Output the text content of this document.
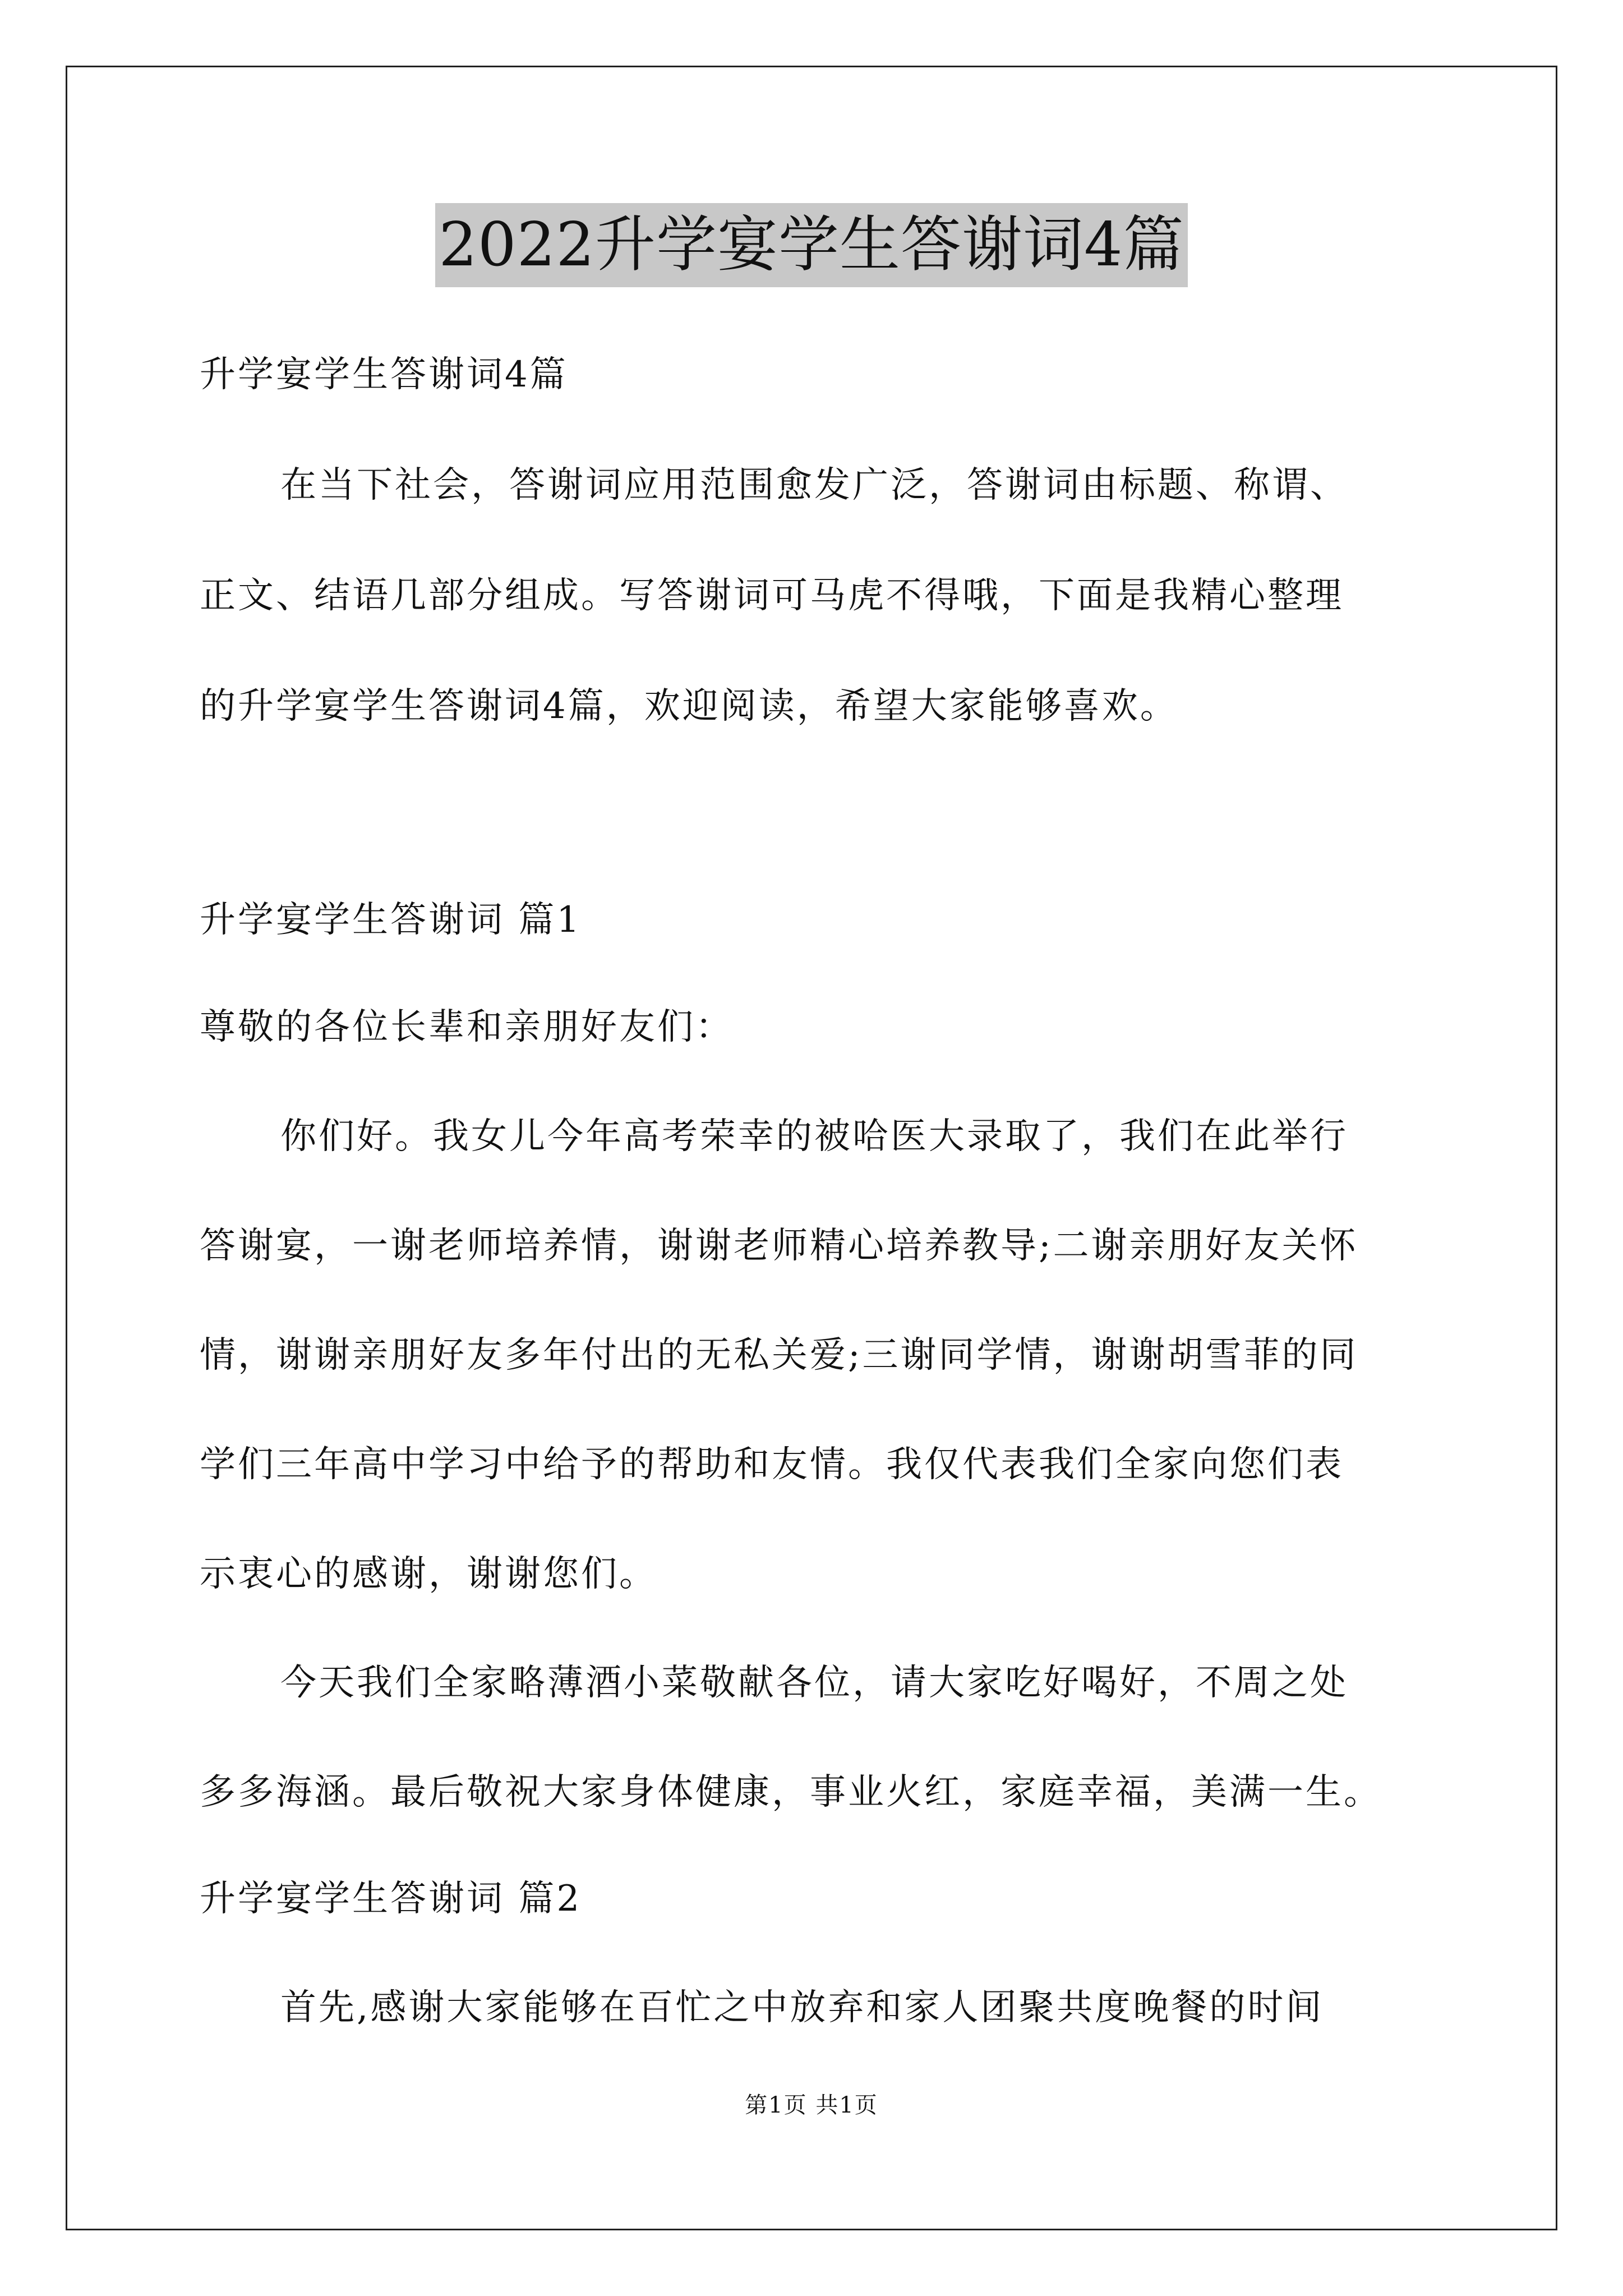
2022升学宴学生答谢词4篇
升学宴学生答谢词4篇
在当下社会，答谢词应用范围愈发广泛，答谢词由标题、称谓、
正文、结语几部分组成。写答谢词可马虎不得哦，下面是我精心整理
的升学宴学生答谢词4篇，欢迎阅读，希望大家能够喜欢。
升学宴学生答谢词 篇1
尊敬的各位长辈和亲朋好友们：
你们好。我女儿今年高考荣幸的被哈医大录取了，我们在此举行
答谢宴，一谢老师培养情，谢谢老师精心培养教导;二谢亲朋好友关怀
情，谢谢亲朋好友多年付出的无私关爱;三谢同学情，谢谢胡雪菲的同
学们三年高中学习中给予的帮助和友情。我仅代表我们全家向您们表
示衷心的感谢，谢谢您们。
今天我们全家略薄酒小菜敬献各位，请大家吃好喝好，不周之处
多多海涵。最后敬祝大家身体健康，事业火红，家庭幸福，美满一生。
升学宴学生答谢词 篇2
首先,感谢大家能够在百忙之中放弃和家人团聚共度晚餐的时间
第1页 共1页
